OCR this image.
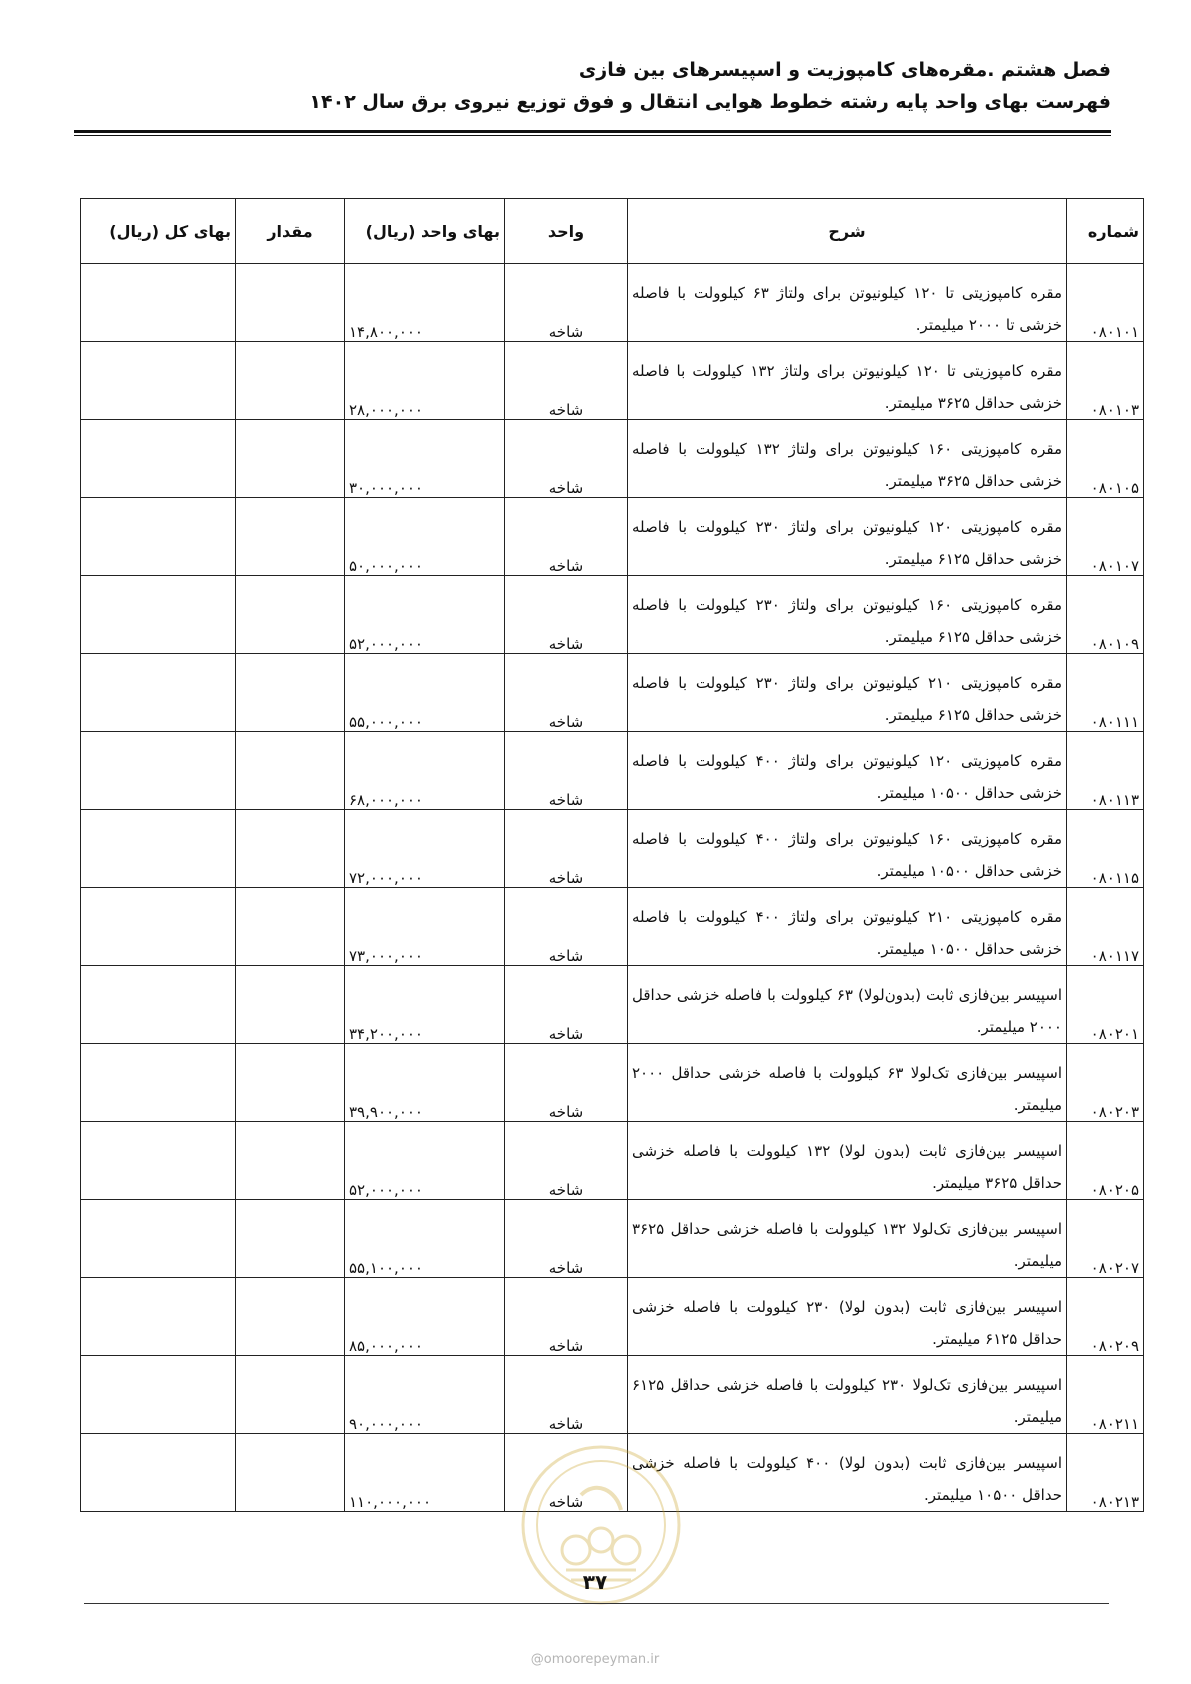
فصل هشتم .مقره‌های کامپوزیت و اسپیسرهای بین فازی
فهرست بهای واحد پایه رشته خطوط هوایی انتقال و فوق توزیع نیروی برق سال ۱۴۰۲
شماره	شرح	واحد	بهای واحد (ریال)	مقدار	بهای کل (ریال)
۰۸۰۱۰۱	مقره کامپوزیتی تا ۱۲۰ کیلونیوتن برای ولتاژ ۶۳ کیلوولت با فاصله خزشی تا ۲۰۰۰ میلیمتر.	شاخه	۱۴,۸۰۰,۰۰۰		
۰۸۰۱۰۳	مقره کامپوزیتی تا ۱۲۰ کیلونیوتن برای ولتاژ ۱۳۲ کیلوولت با فاصله خزشی حداقل ۳۶۲۵ میلیمتر.	شاخه	۲۸,۰۰۰,۰۰۰		
۰۸۰۱۰۵	مقره کامپوزیتی ۱۶۰ کیلونیوتن برای ولتاژ ۱۳۲ کیلوولت با فاصله خزشی حداقل ۳۶۲۵ میلیمتر.	شاخه	۳۰,۰۰۰,۰۰۰		
۰۸۰۱۰۷	مقره کامپوزیتی ۱۲۰ کیلونیوتن برای ولتاژ ۲۳۰ کیلوولت با فاصله خزشی حداقل ۶۱۲۵ میلیمتر.	شاخه	۵۰,۰۰۰,۰۰۰		
۰۸۰۱۰۹	مقره کامپوزیتی ۱۶۰ کیلونیوتن برای ولتاژ ۲۳۰ کیلوولت با فاصله خزشی حداقل ۶۱۲۵ میلیمتر.	شاخه	۵۲,۰۰۰,۰۰۰		
۰۸۰۱۱۱	مقره کامپوزیتی ۲۱۰ کیلونیوتن برای ولتاژ ۲۳۰ کیلوولت با فاصله خزشی حداقل ۶۱۲۵ میلیمتر.	شاخه	۵۵,۰۰۰,۰۰۰		
۰۸۰۱۱۳	مقره کامپوزیتی ۱۲۰ کیلونیوتن برای ولتاژ ۴۰۰ کیلوولت با فاصله خزشی حداقل ۱۰۵۰۰ میلیمتر.	شاخه	۶۸,۰۰۰,۰۰۰		
۰۸۰۱۱۵	مقره کامپوزیتی ۱۶۰ کیلونیوتن برای ولتاژ ۴۰۰ کیلوولت با فاصله خزشی حداقل ۱۰۵۰۰ میلیمتر.	شاخه	۷۲,۰۰۰,۰۰۰		
۰۸۰۱۱۷	مقره کامپوزیتی ۲۱۰ کیلونیوتن برای ولتاژ ۴۰۰ کیلوولت با فاصله خزشی حداقل ۱۰۵۰۰ میلیمتر.	شاخه	۷۳,۰۰۰,۰۰۰		
۰۸۰۲۰۱	اسپیسر بین‌فازی ثابت (بدون‌لولا) ۶۳ کیلوولت با فاصله خزشی حداقل ۲۰۰۰ میلیمتر.	شاخه	۳۴,۲۰۰,۰۰۰		
۰۸۰۲۰۳	اسپیسر بین‌فازی تک‌لولا ۶۳ کیلوولت با فاصله خزشی حداقل ۲۰۰۰ میلیمتر.	شاخه	۳۹,۹۰۰,۰۰۰		
۰۸۰۲۰۵	اسپیسر بین‌فازی ثابت (بدون لولا) ۱۳۲ کیلوولت با فاصله خزشی حداقل ۳۶۲۵ میلیمتر.	شاخه	۵۲,۰۰۰,۰۰۰		
۰۸۰۲۰۷	اسپیسر بین‌فازی تک‌لولا ۱۳۲ کیلوولت با فاصله خزشی حداقل ۳۶۲۵ میلیمتر.	شاخه	۵۵,۱۰۰,۰۰۰		
۰۸۰۲۰۹	اسپیسر بین‌فازی ثابت (بدون لولا) ۲۳۰ کیلوولت با فاصله خزشی حداقل ۶۱۲۵ میلیمتر.	شاخه	۸۵,۰۰۰,۰۰۰		
۰۸۰۲۱۱	اسپیسر بین‌فازی تک‌لولا ۲۳۰ کیلوولت با فاصله خزشی حداقل ۶۱۲۵ میلیمتر.	شاخه	۹۰,۰۰۰,۰۰۰		
۰۸۰۲۱۳	اسپیسر بین‌فازی ثابت (بدون لولا) ۴۰۰ کیلوولت با فاصله خزشی حداقل ۱۰۵۰۰ میلیمتر.	شاخه	۱۱۰,۰۰۰,۰۰۰		
۳۷
@omoorepeyman.ir
